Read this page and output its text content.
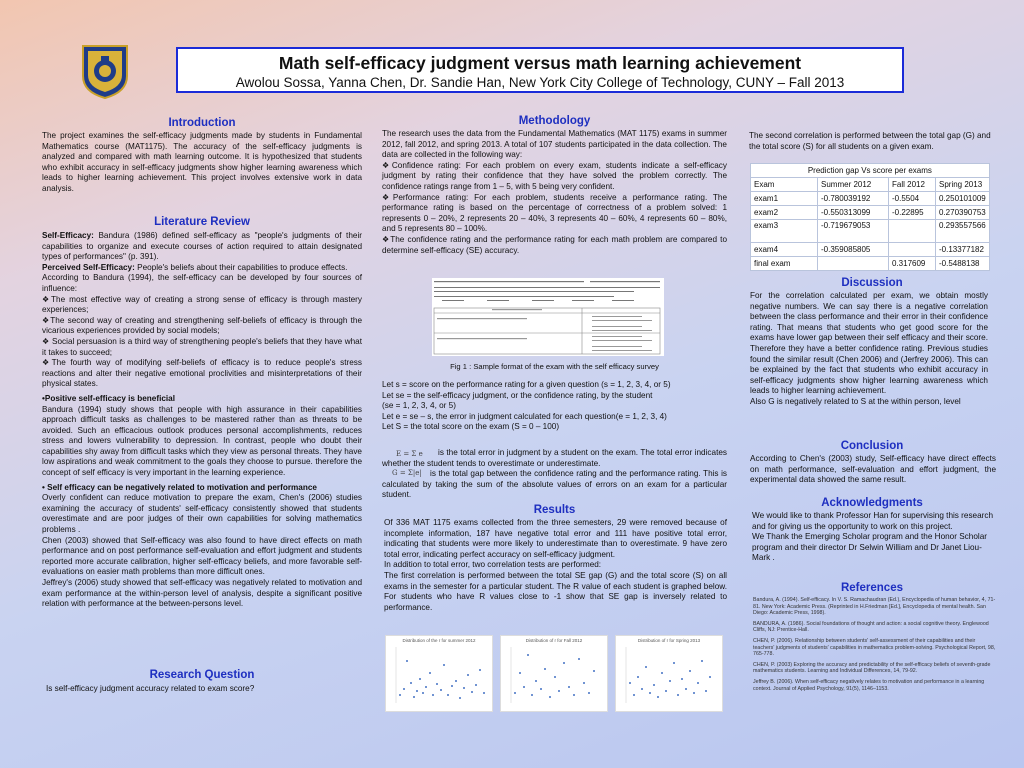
Math self-efficacy judgment versus math learning achievement
Awolou Sossa, Yanna Chen, Dr. Sandie Han, New York City College of Technology, CUNY – Fall 2013
Introduction
The project examines the self-efficacy judgments made by students in Fundamental Mathematics course (MAT1175). The accuracy of the self-efficacy judgments is analyzed and compared with math learning outcome. It is hypothesized that students who exhibit accuracy in self-efficacy judgments show higher learning awareness which leads to higher learning achievement. This project involves extensive work in data analysis.
Literature Review

Self-Efficacy: Bandura (1986) defined self-efficacy as "people's judgments of their capabilities to organize and execute courses of action required to attain designated types of performances" (p. 391).

Perceived Self-Efficacy: People's beliefs about their capabilities to produce effects.

According to Bandura (1994), the self-efficacy can be developed by four sources of influence:

❖The most effective way of creating a strong sense of efficacy is through mastery experiences;

❖The second way of creating and strengthening self-beliefs of efficacy is through the vicarious experiences provided by social models;

❖ Social persuasion is a third way of strengthening people's beliefs that they have what it takes to succeed;

❖The fourth way of modifying self-beliefs of efficacy is to reduce people's stress reactions and alter their negative emotional proclivities and misinterpretations of their physical states.

•Positive self-efficacy is beneficial

Bandura (1994) study shows that people with high assurance in their capabilities approach difficult tasks as challenges to be mastered rather than as threats to be avoided. Such an efficacious outlook produces personal accomplishments, reduces stress and lowers vulnerability to depression. In contrast, people who doubt their capabilities shy away from difficult tasks which they view as personal threats. They have low aspirations and weak commitment to the goals they choose to pursue. therefore the concept of self efficacy is very important in the learning experience.

• Self efficacy can be negatively related to motivation and performance

Overly confident can reduce motivation to prepare the exam, Chen's (2006) studies examining the accuracy of students' self-efficacy consistently showed that students overestimate and are poor judges of their own capabilities for solving mathematics problems .

Chen (2003) showed that Self-efficacy was also found to have direct effects on math performance and on post performance self-evaluation and effort judgment and students reported more accurate calibration, higher self-efficacy beliefs, and more favorable self-evaluations on easier math problems than more difficult ones.

Jeffrey's (2006) study showed that self-efficacy was negatively related to motivation and exam performance at the within-person level of analysis, despite a significant positive relation with performance at the between-persons level.

Research Question
Is self-efficacy judgment accuracy related to exam score?
Methodology

The research uses the data from the Fundamental Mathematics (MAT 1175) exams in summer 2012, fall 2012, and spring 2013. A total of 107 students participated in the data collection. The data are collected in the following way:

❖Confidence rating: For each problem on every exam, students indicate a self-efficacy judgment by rating their confidence that they have solved the problem correctly. The confidence ratings range from 1 – 5, with 5 being very confident.

❖Performance rating: For each problem, students receive a performance rating. The performance rating is based on the percentage of correctness of a problem solved: 1 represents 0 – 20%, 2 represents 20 – 40%, 3 represents 40 – 60%, 4 represents 60 – 80%, and 5 represents 80 – 100%.

❖The confidence rating and the performance rating for each math problem are compared to determine self-efficacy (SE) accuracy.

Fig 1 : Sample format of the exam with the self efficacy survey

Let s = score on the performance rating for a given question (s = 1, 2, 3, 4, or 5)

Let se = the self-efficacy judgment, or the confidence rating, by the student

(se = 1, 2, 3, 4, or 5)

Let e = se – s, the error in judgment calculated for each question(e = 1, 2, 3, 4)

Let S = the total score on the exam (S = 0 – 100)

E = Σ e
G = Σ|e|

is the total error in judgment by a student on the exam. The total error indicates whether the student tends to overestimate or underestimate.

is the total gap between the confidence rating and the performance rating. This is calculated by taking the sum of the absolute values of errors on an exam for a particular student.

Results

Of 336 MAT 1175 exams collected from the three semesters, 29 were removed because of incomplete information, 187 have negative total error and 111 have positive total error, indicating that students were more likely to underestimate than to overestimate. 9 have zero total error, indicating perfect accuracy on self-efficacy judgment.

In addition to total error, two correlation tests are performed:

The first correlation is performed between the total SE gap (G) and the total score (S) on all exams in the semester for a particular student. The R value of each student is graphed below. For students who have R values close to -1 show that SE gap is inversely related to performance.

Distribution of the r for summer 2012	Distribution of r for Fall 2012	Distribution of r for Spring 2013
The second correlation is performed between the total gap (G) and the total score (S) for all students on a given exam.
Prediction gap Vs score per exams			
Exam	Summer 2012	Fall 2012	Spring 2013
exam1	-0.780039192	-0.5504	0.250101009
exam2	-0.550313099	-0.22895	0.270390753
exam3	-0.719679053		0.293557566
exam4	-0.359085805		-0.13377182
final exam		0.317609	-0.5488138
Discussion

For the correlation calculated per exam, we obtain mostly negative numbers. We can say there is a negative correlation between the class performance and their error in their confidence rating. That means that students who get good score for the exams have lower gap between their self efficacy and their score. Therefore they have a better confidence rating. Previous studies found the similar result (Chen 2006) and (Jerfrey 2006). This can be explained by the fact that students who exhibit accuracy in self-efficacy judgments show higher learning awareness which leads to higher learning achievement.

Also G is negatively related to S at the within person, level

Conclusion
According to Chen's (2003) study, Self-efficacy have direct effects on math performance, self-evaluation and effort judgment, the experimental data showed the same result.
Acknowledgments

We would like to thank Professor Han for supervising this research and for giving us the opportunity to work on this project.

We Thank the Emerging Scholar program and the Honor Scholar program and their director Dr Selwin William and Dr Janet Liou-Mark .

References

Bandura, A. (1994). Self-efficacy. In V. S. Ramachaudran (Ed.), Encyclopedia of human behavior, 4, 71-81. New York: Academic Press. (Reprinted in H.Friedman [Ed.], Encyclopedia of mental health. San Diego: Academic Press, 1998).

BANDURA, A. (1986). Social foundations of thought and action: a social cognitive theory. Englewood Cliffs, NJ: Prentice-Hall.

CHEN, P. (2006). Relationship between students' self-assessment of their capabilities and their teachers' judgments of students' capabilities in mathematics problem-solving. Psychological Report, 98, 765-778.

CHEN, P. (2003) Exploring the accuracy and predictability of the self-efficacy beliefs of seventh-grade mathematics students. Learning and Individual Differences, 14, 79-92.

Jeffrey B. (2006). When self-efficacy negatively relates to motivation and performance in a learning context. Journal of Applied Psychology, 91(5), 1146–1153.
